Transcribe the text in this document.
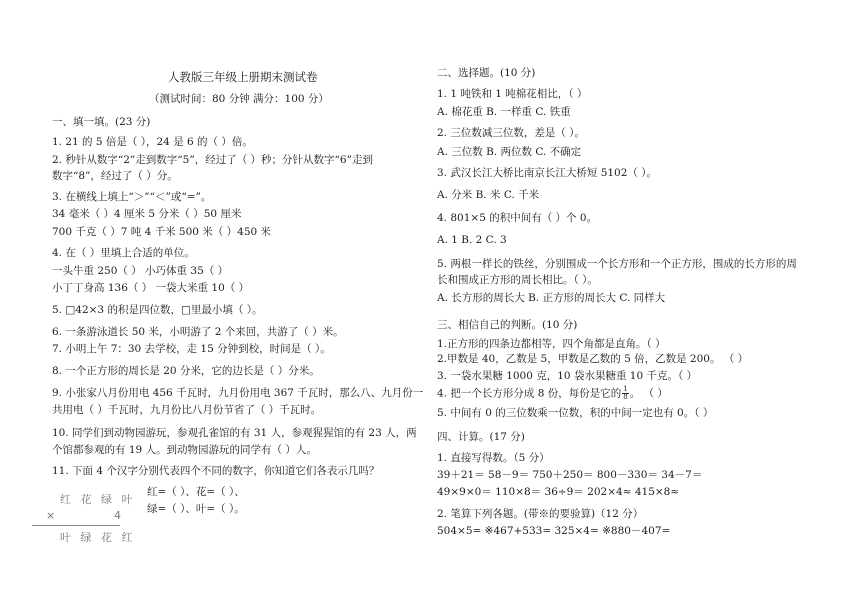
人教版三年级上册期末测试卷
（测试时间：80 分钟 满分：100 分）
一、填一填。(23 分)
1. 21 的 5 倍是（ ），24 是 6 的（ ）倍。
2. 秒针从数字“2”走到数字“5”，经过了（ ）秒；分针从数字“6”走到
数字“8”，经过了（ ）分。
3. 在横线上填上“＞”“＜”或“=”。
34 毫米（ ）4 厘米 5 分米（ ）50 厘米
700 千克（ ）7 吨 4 千米 500 米（ ）450 米
4. 在（ ）里填上合适的单位。
一头牛重 250（ ） 小巧体重 35（ ）
小丁丁身高 136（ ） 一袋大米重 10（ ）
5. □42×3 的积是四位数，□里最小填（ ）。
6. 一条游泳道长 50 米，小明游了 2 个来回，共游了（ ）米。
7. 小明上午 7：30 去学校，走 15 分钟到校，时间是（ ）。
8. 一个正方形的周长是 20 分米，它的边长是（ ）分米。
9. 小张家八月份用电 456 千瓦时，九月份用电 367 千瓦时，那么八、九月份一
共用电（ ）千瓦时，九月份比八月份节省了（ ）千瓦时。
10. 同学们到动物园游玩，参观孔雀馆的有 31 人，参观猩猩馆的有 23 人，两
个馆都参观的有 19 人。到动物园游玩的同学有（ ）人。
11. 下面 4 个汉字分别代表四个不同的数字，你知道它们各表示几吗？
红=（ ）、花=（ ）、
绿=（ ）、叶=（ ）。
红 花 绿 叶
×	4
叶 绿 花 红
二、选择题。(10 分)
1. 1 吨铁和 1 吨棉花相比，（ ）
A. 棉花重 B. 一样重 C. 铁重
2. 三位数减三位数，差是（ ）。
A. 三位数 B. 两位数 C. 不确定
3. 武汉长江大桥比南京长江大桥短 5102（ ）。
A. 分米 B. 米 C. 千米
4. 801×5 的积中间有（ ）个 0。
A. 1 B. 2 C. 3
5. 两根一样长的铁丝，分别围成一个长方形和一个正方形，围成的长方形的周
长和围成正方形的周长相比。（ ）。
A. 长方形的周长大 B. 正方形的周长大 C. 同样大
三、相信自己的判断。(10 分)
1.正方形的四条边都相等，四个角都是直角。（ ）
2.甲数是 40，乙数是 5，甲数是乙数的 5 倍，乙数是 200。 （ ）
3. 一袋水果糖 1000 克，10 袋水果糖重 10 千克。（ ）
4. 把一个长方形分成 8 份，每份是它的 $\frac{1}{8}$ 。 （ ）
5. 中间有 0 的三位数乘一位数，积的中间一定也有 0。（ ）
四、计算。(17 分)
1. 直接写得数。（5 分）
39＋21＝ 58－9＝ 750＋250＝ 800－330＝ 34－7＝
49×9×0＝ 110×8＝ 36÷9＝ 202×4≈ 415×8≈
2. 笔算下列各题。(带※的要验算)（12 分）
504×5= ※467+533= 325×4= ※880－407=
